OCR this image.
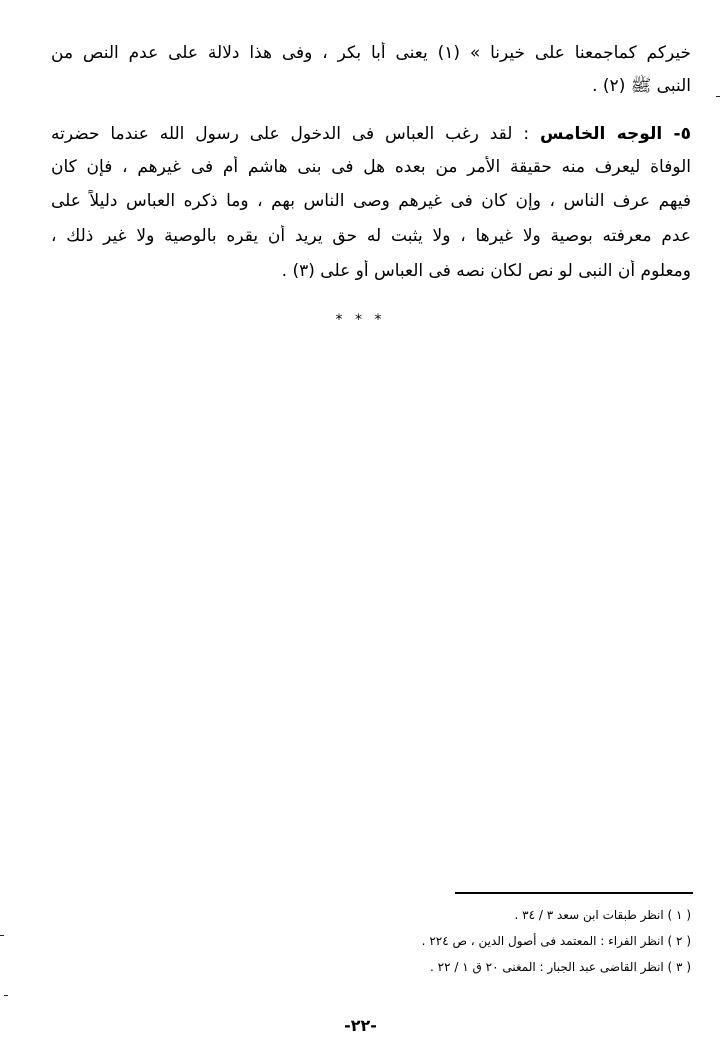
خيركم كماجمعنا على خيرنا » (١) يعنى أبا بكر ، وفى هذا دلالة على عدم النص من
النبى ﷺ (٢) .
٥- الوجه الخامس : لقد رغب العباس فى الدخول على رسول الله عندما حضرته
الوفاة ليعرف منه حقيقة الأمر من بعده هل فى بنى هاشم أم فى غيرهم ، فإن كان
فيهم عرف الناس ، وإن كان فى غيرهم وصى الناس بهم ، وما ذكره العباس دليلاً على
عدم معرفته بوصية ولا غيرها ، ولا يثبت له حق يريد أن يقره بالوصية ولا غير ذلك ،
ومعلوم أن النبى لو نص لكان نصه فى العباس أو على (٣) .
* * *
( ١ ) انظر طبقات ابن سعد ٣ / ٣٤ .
( ٢ ) انظر الفراء : المعتمد فى أصول الدين ، ص ٢٢٤ .
( ٣ ) انظر القاضى عبد الجبار : المغنى ٢٠ ق ١ / ٢٢ .
-٢٢-
